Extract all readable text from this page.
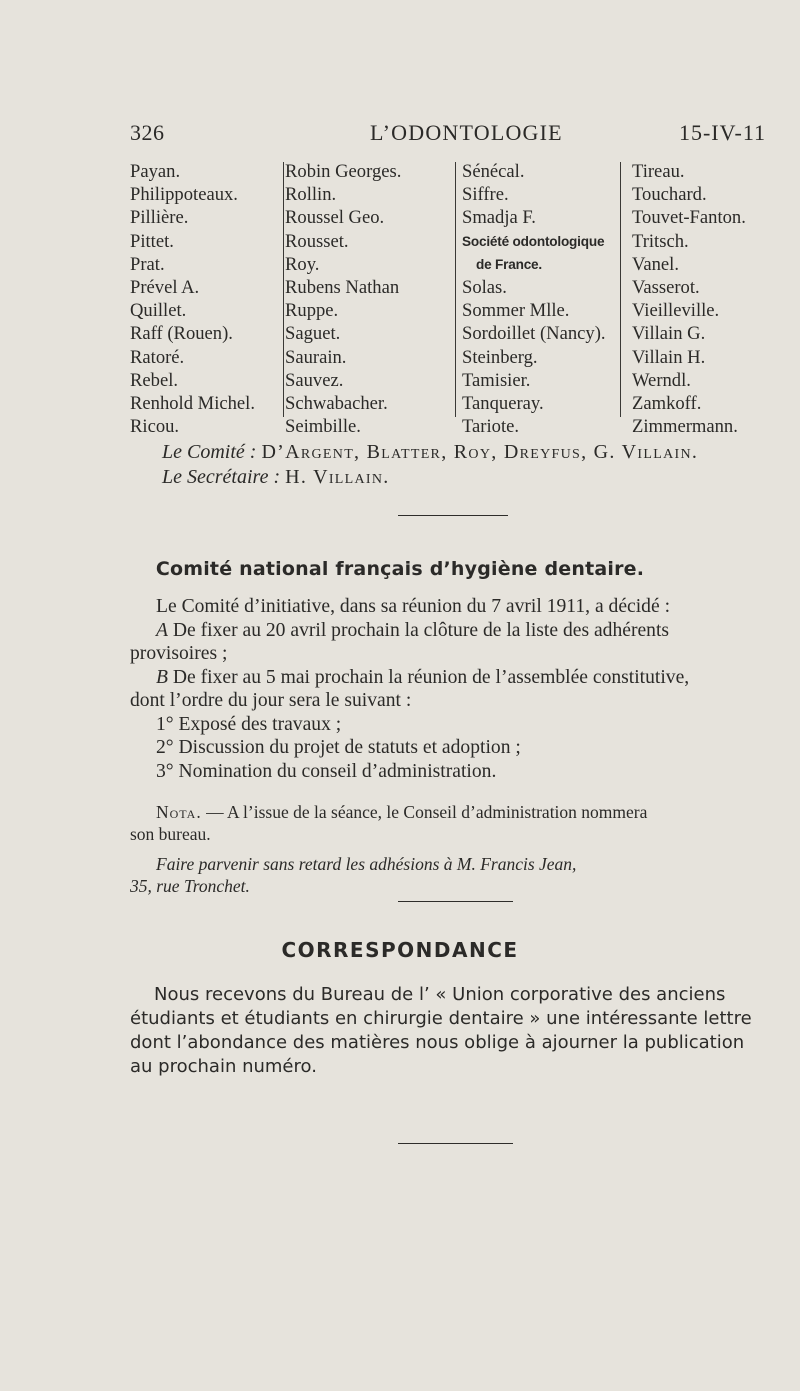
326	L’ODONTOLOGIE	15-IV-11
Payan.
Philippoteaux.
Pillière.
Pittet.
Prat.
Prével A.
Quillet.
Raff (Rouen).
Ratoré.
Rebel.
Renhold Michel.
Ricou.
Robin Georges.
Rollin.
Roussel Geo.
Rousset.
Roy.
Rubens Nathan
Ruppe.
Saguet.
Saurain.
Sauvez.
Schwabacher.
Seimbille.
Sénécal.
Siffre.
Smadja F.
Société odontologique
de France.
Solas.
Sommer Mlle.
Sordoillet (Nancy).
Steinberg.
Tamisier.
Tanqueray.
Tariote.
Tireau.
Touchard.
Touvet-Fanton.
Tritsch.
Vanel.
Vasserot.
Vieilleville.
Villain G.
Villain H.
Werndl.
Zamkoff.
Zimmermann.
Le Comité : D’Argent, Blatter, Roy, Dreyfus, G. Villain.
Le Secrétaire : H. Villain.
Comité national français d’hygiène dentaire.
Le Comité d’initiative, dans sa réunion du 7 avril 1911, a décidé :
A De fixer au 20 avril prochain la clôture de la liste des adhérents
provisoires ;
B De fixer au 5 mai prochain la réunion de l’assemblée constitutive,
dont l’ordre du jour sera le suivant :
1° Exposé des travaux ;
2° Discussion du projet de statuts et adoption ;
3° Nomination du conseil d’administration.
Nota. — A l’issue de la séance, le Conseil d’administration nommera
son bureau.
Faire parvenir sans retard les adhésions à M. Francis Jean,
35, rue Tronchet.
CORRESPONDANCE
Nous recevons du Bureau de l’ « Union corporative des anciens
étudiants et étudiants en chirurgie dentaire » une intéressante lettre
dont l’abondance des matières nous oblige à ajourner la publication
au prochain numéro.
